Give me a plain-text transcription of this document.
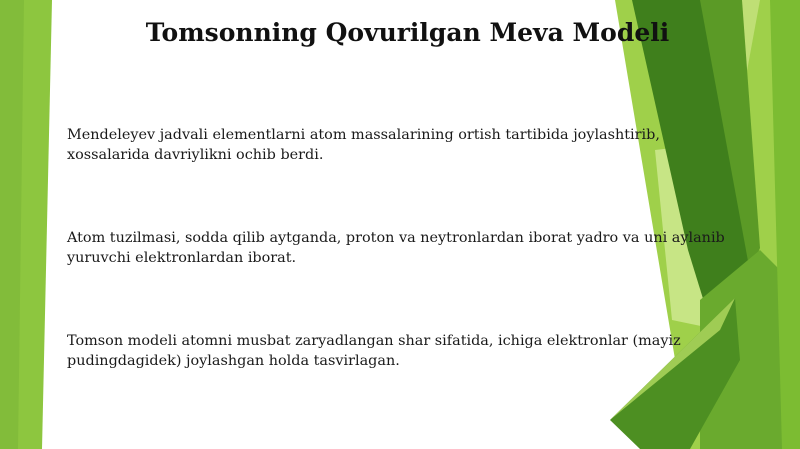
Tomsonning Qovurilgan Meva Modeli

Mendeleyev jadvali elementlarni atom massalarining ortish tartibida joylashtirib, xossalarida davriylikni ochib berdi.

Atom tuzilmasi, sodda qilib aytganda, proton va neytronlardan iborat yadro va uni aylanib yuruvchi elektronlardan iborat.

Tomson modeli atomni musbat zaryadlangan shar sifatida, ichiga elektronlar (mayiz pudingdagidek) joylashgan holda tasvirlagan.
